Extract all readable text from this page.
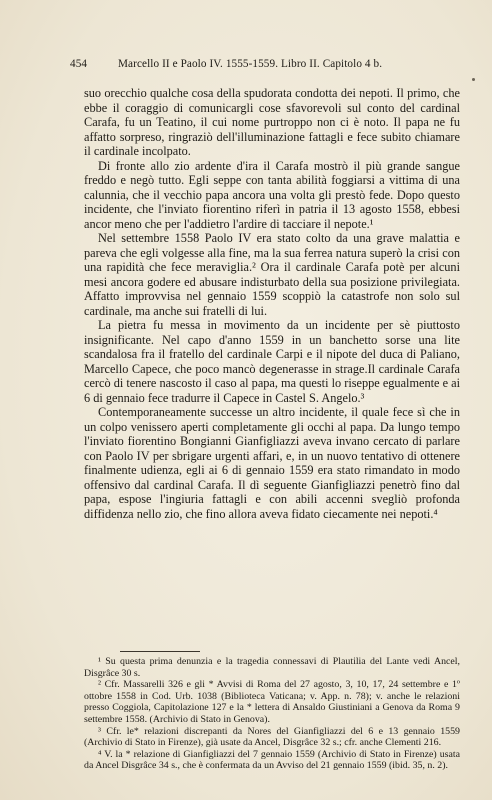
454	Marcello II e Paolo IV. 1555-1559. Libro II. Capitolo 4 b.

suo orecchio qualche cosa della spudorata condotta dei nepoti. Il primo, che ebbe il coraggio di comunicargli cose sfavorevoli sul conto del cardinal Carafa, fu un Teatino, il cui nome purtroppo non ci è noto. Il papa ne fu affatto sorpreso, ringraziò dell'illuminazione fattagli e fece subito chiamare il cardinale incolpato.

Di fronte allo zio ardente d'ira il Carafa mostrò il più grande sangue freddo e negò tutto. Egli seppe con tanta abilità foggiarsi a vittima di una calunnia, che il vecchio papa ancora una volta gli prestò fede. Dopo questo incidente, che l'inviato fiorentino riferì in patria il 13 agosto 1558, ebbesi ancor meno che per l'addietro l'ardire di tacciare il nepote.¹

Nel settembre 1558 Paolo IV era stato colto da una grave malattia e pareva che egli volgesse alla fine, ma la sua ferrea natura superò la crisi con una rapidità che fece meraviglia.² Ora il cardinale Carafa potè per alcuni mesi ancora godere ed abusare indisturbato della sua posizione privilegiata. Affatto improvvisa nel gennaio 1559 scoppiò la catastrofe non solo sul cardinale, ma anche sui fratelli di lui.

La pietra fu messa in movimento da un incidente per sè piuttosto insignificante. Nel capo d'anno 1559 in un banchetto sorse una lite scandalosa fra il fratello del cardinale Carpi e il nipote del duca di Paliano, Marcello Capece, che poco mancò degenerasse in strage.Il cardinale Carafa cercò di tenere nascosto il caso al papa, ma questi lo riseppe egualmente e ai 6 di gennaio fece tradurre il Capece in Castel S. Angelo.³

Contemporaneamente successe un altro incidente, il quale fece sì che in un colpo venissero aperti completamente gli occhi al papa. Da lungo tempo l'inviato fiorentino Bongianni Gianfigliazzi aveva invano cercato di parlare con Paolo IV per sbrigare urgenti affari, e, in un nuovo tentativo di ottenere finalmente udienza, egli ai 6 di gennaio 1559 era stato rimandato in modo offensivo dal cardinal Carafa. Il dì seguente Gianfigliazzi penetrò fino dal papa, espose l'ingiuria fattagli e con abili accenni svegliò profonda diffidenza nello zio, che fino allora aveva fidato ciecamente nei nepoti.⁴

¹ Su questa prima denunzia e la tragedia connessavi di Plautilia del Lante vedi Ancel, Disgrâce 30 s.

² Cfr. Massarelli 326 e gli * Avvisi di Roma del 27 agosto, 3, 10, 17, 24 settembre e 1º ottobre 1558 in Cod. Urb. 1038 (Biblioteca Vaticana; v. App. n. 78); v. anche le relazioni presso Coggiola, Capitolazione 127 e la * lettera di Ansaldo Giustiniani a Genova da Roma 9 settembre 1558. (Archivio di Stato in Genova).

³ Cfr. le* relazioni discrepanti da Nores del Gianfigliazzi del 6 e 13 gennaio 1559 (Archivio di Stato in Firenze), già usate da Ancel, Disgrâce 32 s.; cfr. anche Clementi 216.

⁴ V. la * relazione di Gianfigliazzi del 7 gennaio 1559 (Archivio di Stato in Firenze) usata da Ancel Disgrâce 34 s., che è confermata da un Avviso del 21 gennaio 1559 (ibid. 35, n. 2).
